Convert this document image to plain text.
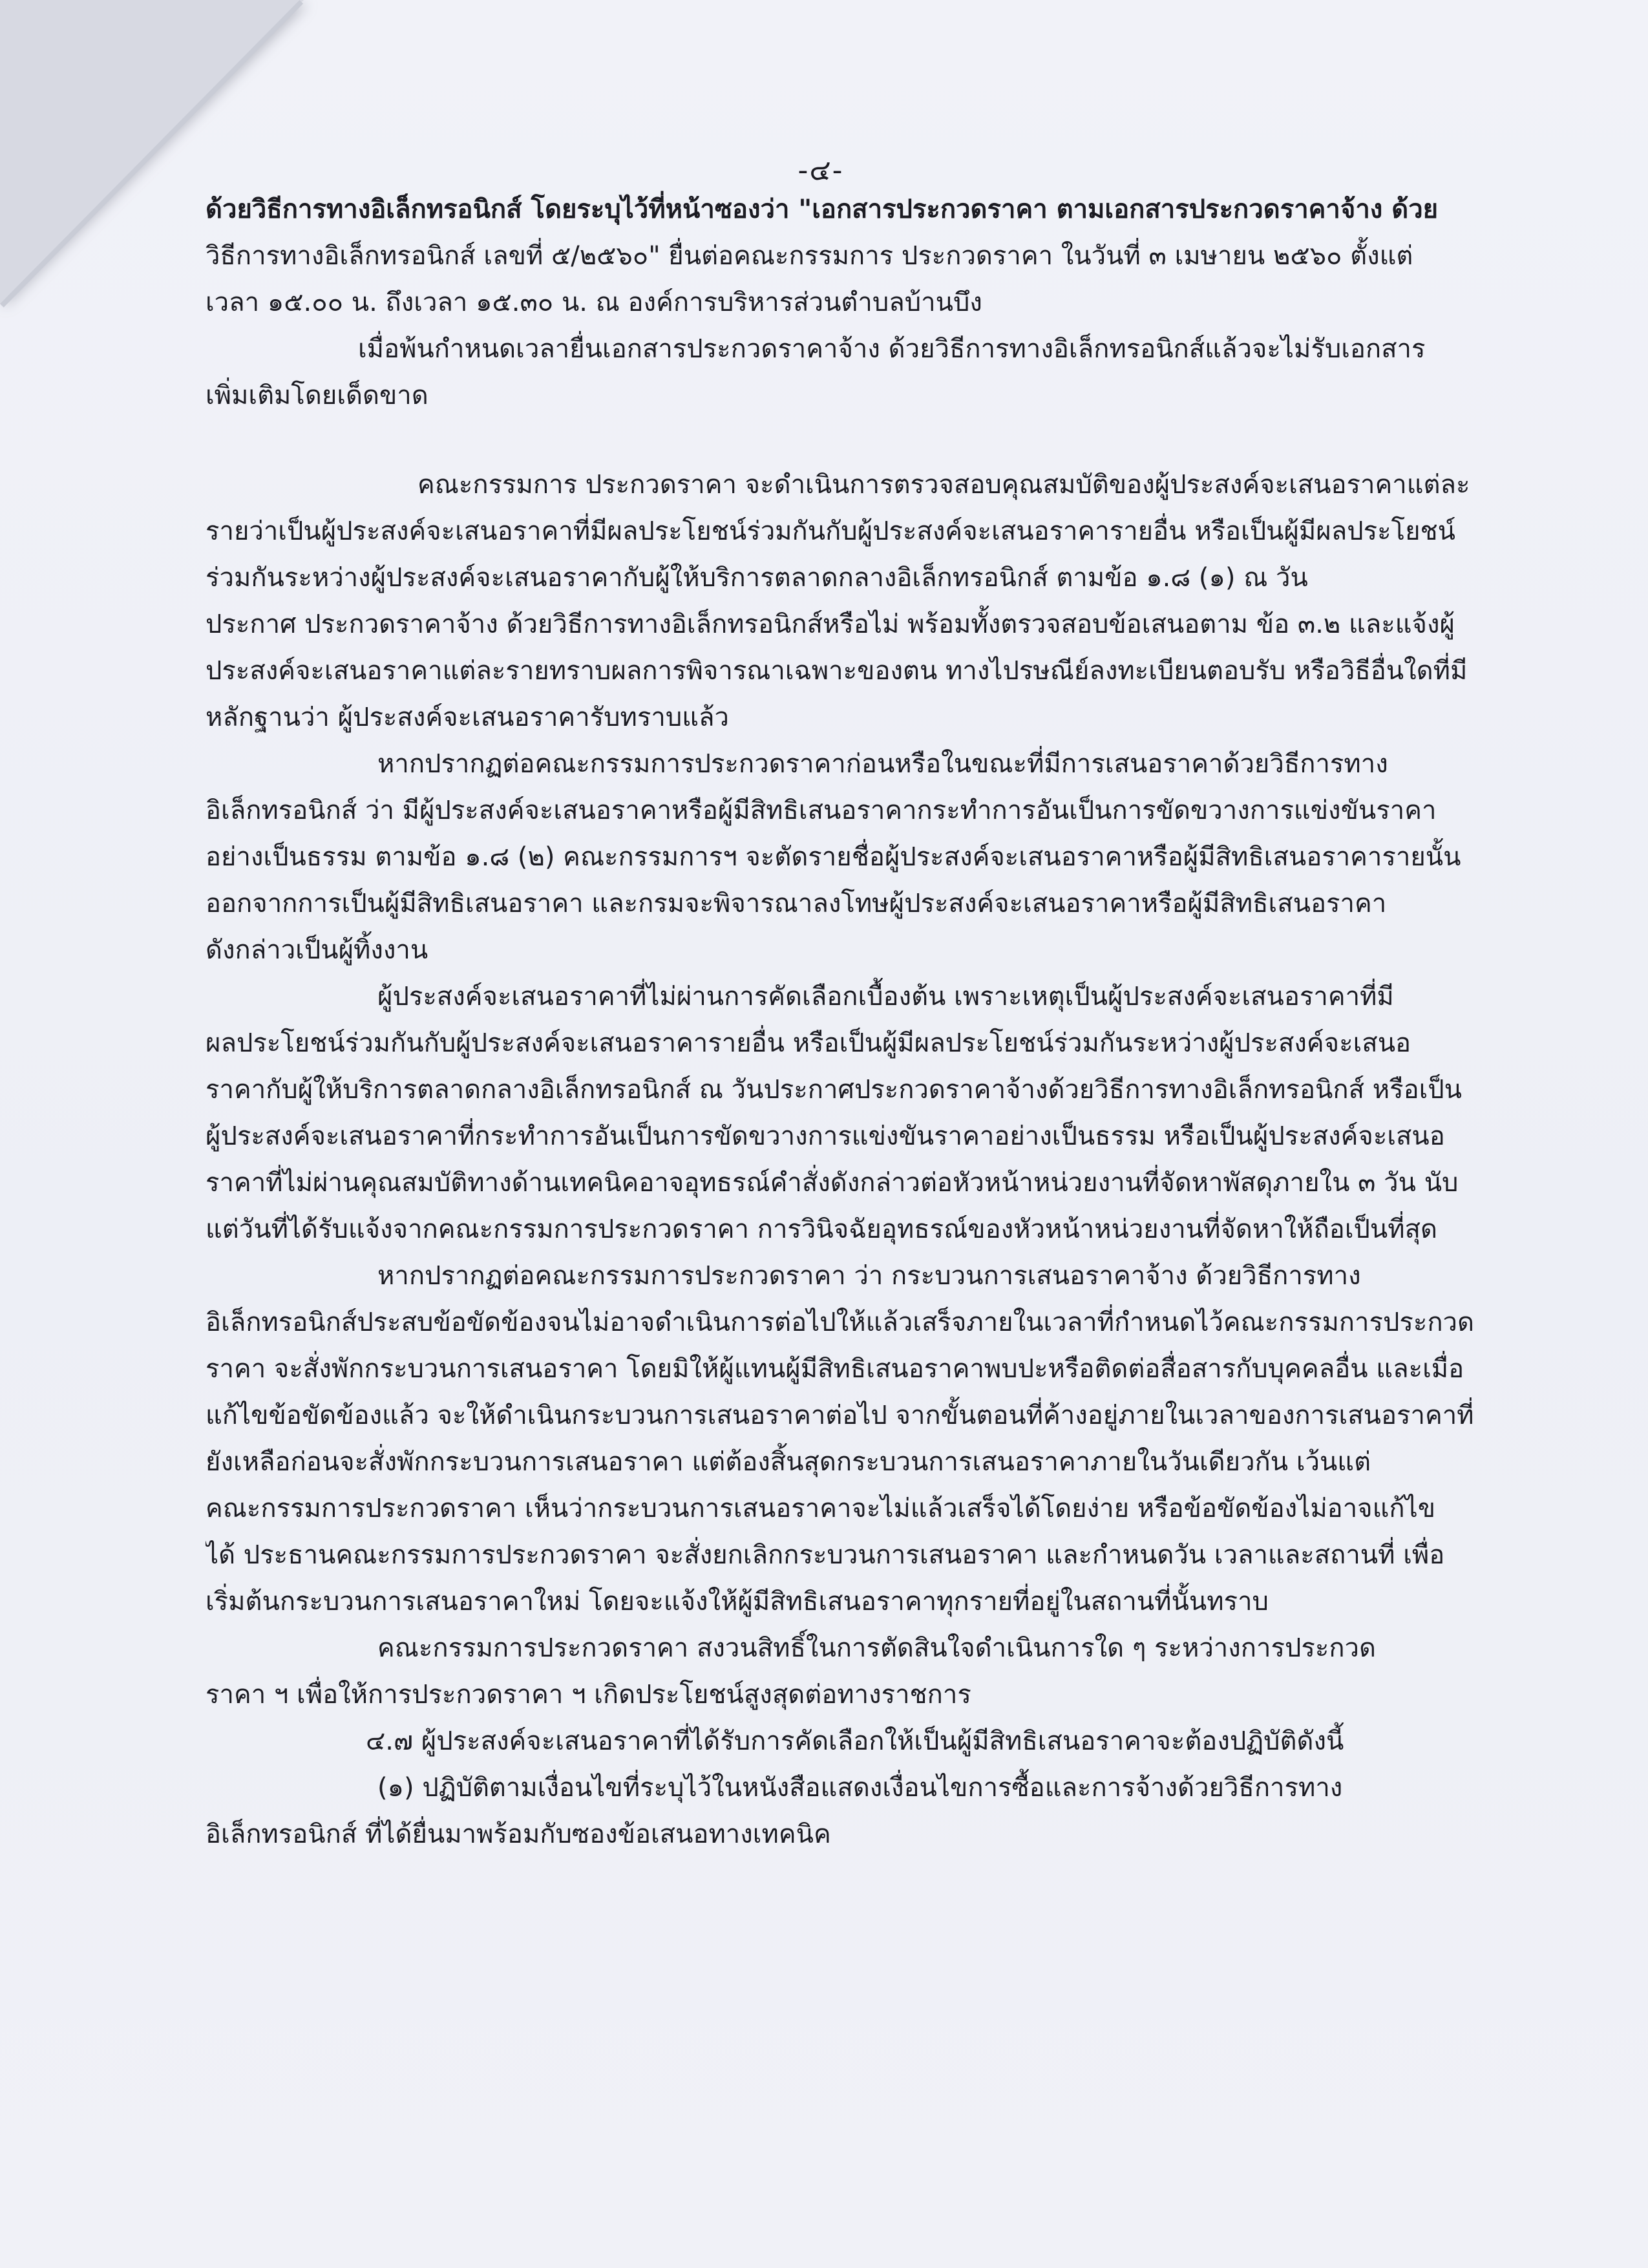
-๔-

ด้วยวิธีการทางอิเล็กทรอนิกส์ โดยระบุไว้ที่หน้าซองว่า "เอกสารประกวดราคา ตามเอกสารประกวดราคาจ้าง ด้วย
วิธีการทางอิเล็กทรอนิกส์ เลขที่ ๕/๒๕๖๐" ยื่นต่อคณะกรรมการ ประกวดราคา ในวันที่ ๓ เมษายน ๒๕๖๐ ตั้งแต่
เวลา ๑๕.๐๐ น. ถึงเวลา ๑๕.๓๐ น. ณ องค์การบริหารส่วนตำบลบ้านบึง

เมื่อพ้นกำหนดเวลายื่นเอกสารประกวดราคาจ้าง ด้วยวิธีการทางอิเล็กทรอนิกส์แล้วจะไม่รับเอกสาร
เพิ่มเติมโดยเด็ดขาด

คณะกรรมการ ประกวดราคา จะดำเนินการตรวจสอบคุณสมบัติของผู้ประสงค์จะเสนอราคาแต่ละ
รายว่าเป็นผู้ประสงค์จะเสนอราคาที่มีผลประโยชน์ร่วมกันกับผู้ประสงค์จะเสนอราคารายอื่น หรือเป็นผู้มีผลประโยชน์
ร่วมกันระหว่างผู้ประสงค์จะเสนอราคากับผู้ให้บริการตลาดกลางอิเล็กทรอนิกส์ ตามข้อ ๑.๘ (๑) ณ วัน
ประกาศ ประกวดราคาจ้าง ด้วยวิธีการทางอิเล็กทรอนิกส์หรือไม่ พร้อมทั้งตรวจสอบข้อเสนอตาม ข้อ ๓.๒ และแจ้งผู้
ประสงค์จะเสนอราคาแต่ละรายทราบผลการพิจารณาเฉพาะของตน ทางไปรษณีย์ลงทะเบียนตอบรับ หรือวิธีอื่นใดที่มี
หลักฐานว่า ผู้ประสงค์จะเสนอราคารับทราบแล้ว

หากปรากฏต่อคณะกรรมการประกวดราคาก่อนหรือในขณะที่มีการเสนอราคาด้วยวิธีการทาง
อิเล็กทรอนิกส์ ว่า มีผู้ประสงค์จะเสนอราคาหรือผู้มีสิทธิเสนอราคากระทำการอันเป็นการขัดขวางการแข่งขันราคา
อย่างเป็นธรรม ตามข้อ ๑.๘ (๒) คณะกรรมการฯ จะตัดรายชื่อผู้ประสงค์จะเสนอราคาหรือผู้มีสิทธิเสนอราคารายนั้น
ออกจากการเป็นผู้มีสิทธิเสนอราคา และกรมจะพิจารณาลงโทษผู้ประสงค์จะเสนอราคาหรือผู้มีสิทธิเสนอราคา
ดังกล่าวเป็นผู้ทิ้งงาน

ผู้ประสงค์จะเสนอราคาที่ไม่ผ่านการคัดเลือกเบื้องต้น เพราะเหตุเป็นผู้ประสงค์จะเสนอราคาที่มี
ผลประโยชน์ร่วมกันกับผู้ประสงค์จะเสนอราคารายอื่น หรือเป็นผู้มีผลประโยชน์ร่วมกันระหว่างผู้ประสงค์จะเสนอ
ราคากับผู้ให้บริการตลาดกลางอิเล็กทรอนิกส์ ณ วันประกาศประกวดราคาจ้างด้วยวิธีการทางอิเล็กทรอนิกส์ หรือเป็น
ผู้ประสงค์จะเสนอราคาที่กระทำการอันเป็นการขัดขวางการแข่งขันราคาอย่างเป็นธรรม หรือเป็นผู้ประสงค์จะเสนอ
ราคาที่ไม่ผ่านคุณสมบัติทางด้านเทคนิคอาจอุทธรณ์คำสั่งดังกล่าวต่อหัวหน้าหน่วยงานที่จัดหาพัสดุภายใน ๓ วัน นับ
แต่วันที่ได้รับแจ้งจากคณะกรรมการประกวดราคา การวินิจฉัยอุทธรณ์ของหัวหน้าหน่วยงานที่จัดหาให้ถือเป็นที่สุด

หากปรากฏต่อคณะกรรมการประกวดราคา ว่า กระบวนการเสนอราคาจ้าง ด้วยวิธีการทาง
อิเล็กทรอนิกส์ประสบข้อขัดข้องจนไม่อาจดำเนินการต่อไปให้แล้วเสร็จภายในเวลาที่กำหนดไว้คณะกรรมการประกวด
ราคา จะสั่งพักกระบวนการเสนอราคา โดยมิให้ผู้แทนผู้มีสิทธิเสนอราคาพบปะหรือติดต่อสื่อสารกับบุคคลอื่น และเมื่อ
แก้ไขข้อขัดข้องแล้ว จะให้ดำเนินกระบวนการเสนอราคาต่อไป จากขั้นตอนที่ค้างอยู่ภายในเวลาของการเสนอราคาที่
ยังเหลือก่อนจะสั่งพักกระบวนการเสนอราคา แต่ต้องสิ้นสุดกระบวนการเสนอราคาภายในวันเดียวกัน เว้นแต่
คณะกรรมการประกวดราคา เห็นว่ากระบวนการเสนอราคาจะไม่แล้วเสร็จได้โดยง่าย หรือข้อขัดข้องไม่อาจแก้ไข
ได้ ประธานคณะกรรมการประกวดราคา จะสั่งยกเลิกกระบวนการเสนอราคา และกำหนดวัน เวลาและสถานที่ เพื่อ
เริ่มต้นกระบวนการเสนอราคาใหม่ โดยจะแจ้งให้ผู้มีสิทธิเสนอราคาทุกรายที่อยู่ในสถานที่นั้นทราบ

คณะกรรมการประกวดราคา สงวนสิทธิ์ในการตัดสินใจดำเนินการใด ๆ ระหว่างการประกวด
ราคา ฯ เพื่อให้การประกวดราคา ฯ เกิดประโยชน์สูงสุดต่อทางราชการ

๔.๗ ผู้ประสงค์จะเสนอราคาที่ได้รับการคัดเลือกให้เป็นผู้มีสิทธิเสนอราคาจะต้องปฏิบัติดังนี้

(๑) ปฏิบัติตามเงื่อนไขที่ระบุไว้ในหนังสือแสดงเงื่อนไขการซื้อและการจ้างด้วยวิธีการทาง
อิเล็กทรอนิกส์ ที่ได้ยื่นมาพร้อมกับซองข้อเสนอทางเทคนิค
